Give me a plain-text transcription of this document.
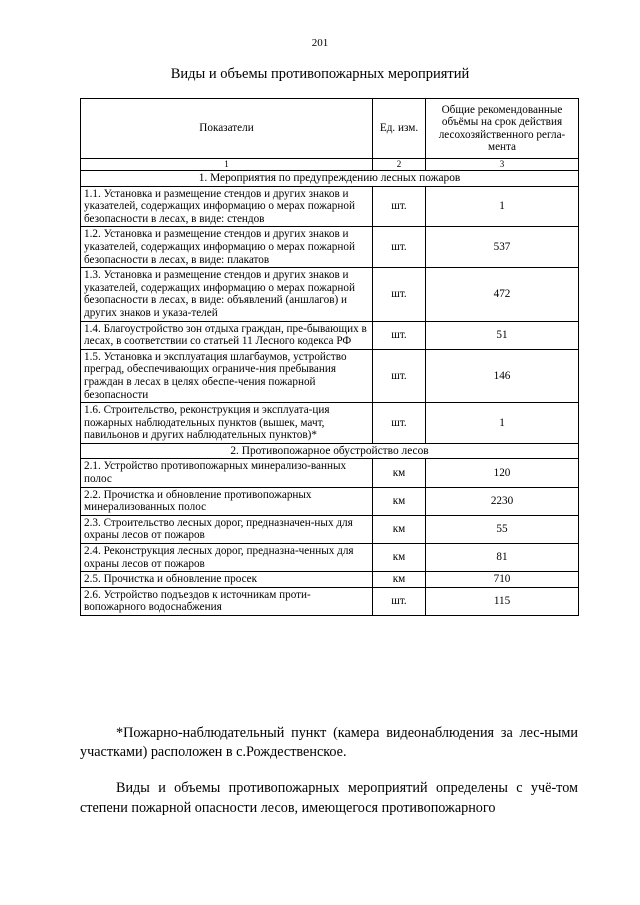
201
Виды и объемы противопожарных мероприятий
Показатели	Ед. изм.	Общие рекомендованные объёмы на срок действия лесохозяйственного регла-мента
1	2	3
1. Мероприятия по предупреждению лесных пожаров		
1.1. Установка и размещение стендов и других знаков и указателей, содержащих информацию о мерах пожарной безопасности в лесах, в виде: стендов	шт.	1
1.2. Установка и размещение стендов и других знаков и указателей, содержащих информацию о мерах пожарной безопасности в лесах, в виде: плакатов	шт.	537
1.3. Установка и размещение стендов и других знаков и указателей, содержащих информацию о мерах пожарной безопасности в лесах, в виде: объявлений (аншлагов) и других знаков и указа-телей	шт.	472
1.4. Благоустройство зон отдыха граждан, пре-бывающих в лесах, в соответствии со статьей 11 Лесного кодекса РФ	шт.	51
1.5. Установка и эксплуатация шлагбаумов, устройство преград, обеспечивающих ограниче-ния пребывания граждан в лесах в целях обеспе-чения пожарной безопасности	шт.	146
1.6. Строительство, реконструкция и эксплуата-ция пожарных наблюдательных пунктов (вышек, мачт, павильонов и других наблюдательных пунктов)*	шт.	1
2. Противопожарное обустройство лесов		
2.1. Устройство противопожарных минерализо-ванных полос	км	120
2.2. Прочистка и обновление противопожарных минерализованных полос	км	2230
2.3. Строительство лесных дорог, предназначен-ных для охраны лесов от пожаров	км	55
2.4. Реконструкция лесных дорог, предназна-ченных для охраны лесов от пожаров	км	81
2.5. Прочистка и обновление просек	км	710
2.6. Устройство подъездов к источникам проти-вопожарного водоснабжения	шт.	115
*Пожарно-наблюдательный пункт (камера видеонаблюдения за лес-ными участками) расположен в с.Рождественское.
Виды и объемы противопожарных мероприятий определены с учё-том степени пожарной опасности лесов, имеющегося противопожарного
